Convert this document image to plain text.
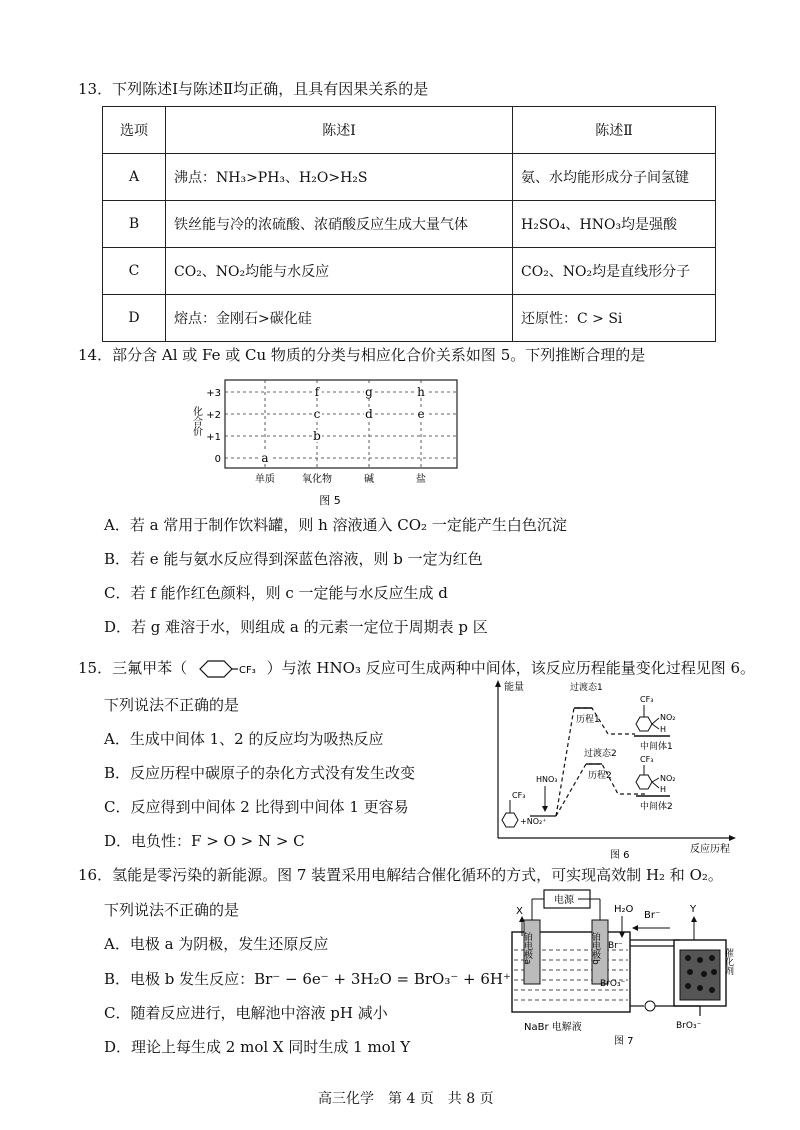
13．下列陈述Ⅰ与陈述Ⅱ均正确，且具有因果关系的是
选项	陈述Ⅰ	陈述Ⅱ
A	沸点：NH₃>PH₃、H₂O>H₂S	氨、水均能形成分子间氢键
B	铁丝能与冷的浓硫酸、浓硝酸反应生成大量气体	H₂SO₄、HNO₃均是强酸
C	CO₂、NO₂均能与水反应	CO₂、NO₂均是直线形分子
D	熔点：金刚石>碳化硅	还原性：C > Si
14．部分含 Al 或 Fe 或 Cu 物质的分类与相应化合价关系如图 5。下列推断合理的是
+3
+2
+1
0
单质	氧化物	碱	盐
a
b
c
f
d
g
e
h
化合价
图 5
A．若 a 常用于制作饮料罐，则 h 溶液通入 CO₂ 一定能产生白色沉淀
B．若 e 能与氨水反应得到深蓝色溶液，则 b 一定为红色
C．若 f 能作红色颜料，则 c 一定能与水反应生成 d
D．若 g 难溶于水，则组成 a 的元素一定位于周期表 p 区
15．三氟甲苯（	CF₃ ）与浓 HNO₃ 反应可生成两种中间体，该反应历程能量变化过程见图 6。
下列说法不正确的是
A．生成中间体 1、2 的反应均为吸热反应
B．反应历程中碳原子的杂化方式没有发生改变
C．反应得到中间体 2 比得到中间体 1 更容易
D．电负性：F > O > N > C
能量
反应历程
过渡态1
历程1
过渡态2
历程2
CF₃
+NO₂⁺
HNO₃
CF₃
NO₂
H
中间体1
CF₃
NO₂
H
中间体2
图 6
16．氢能是零污染的新能源。图 7 装置采用电解结合催化循环的方式，可实现高效制 H₂ 和 O₂。
下列说法不正确的是
A．电极 a 为阴极，发生还原反应
B．电极 b 发生反应：Br⁻ − 6e⁻ + 3H₂O = BrO₃⁻ + 6H⁺
C．随着反应进行，电解池中溶液 pH 减小
D．理论上每生成 2 mol X 同时生成 1 mol Y
电源
X	H₂O
铂电极a	铂电极b Br⁻
BrO₃⁻
Br⁻
催化剂
Y
BrO₃⁻
NaBr 电解液
图 7
高三化学　第 4 页　共 8 页
